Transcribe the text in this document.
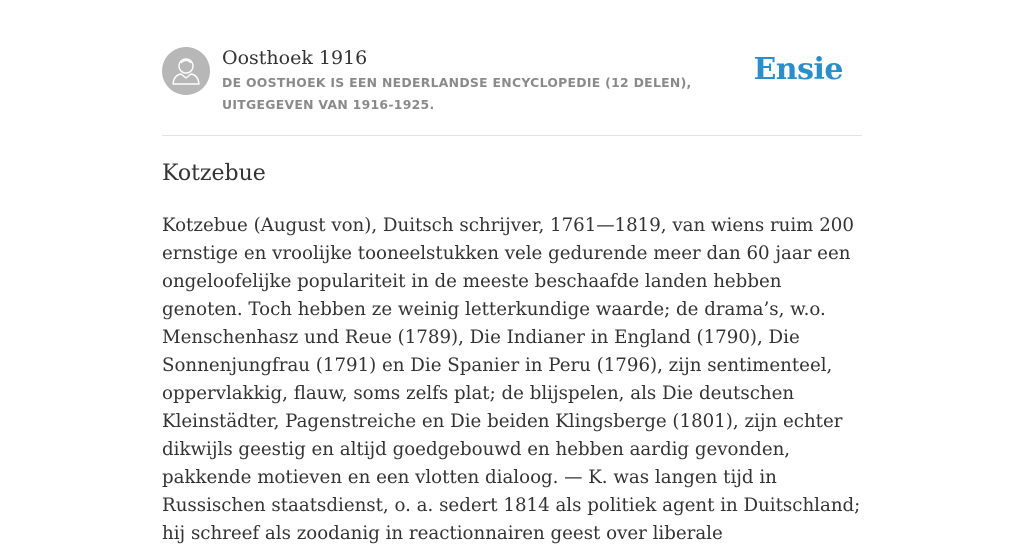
Oosthoek 1916
DE OOSTHOEK IS EEN NEDERLANDSE ENCYCLOPEDIE (12 DELEN), UITGEGEVEN VAN 1916-1925.
Ensie
Kotzebue

Kotzebue (August von), Duitsch schrijver, 1761—1819, van wiens ruim 200 ernstige en vroolijke tooneelstukken vele gedurende meer dan 60 jaar een ongeloofelijke populariteit in de meeste beschaafde landen hebben genoten. Toch hebben ze weinig letterkundige waarde; de drama’s, w.o. Menschenhasz und Reue (1789), Die Indianer in England (1790), Die Sonnenjungfrau (1791) en Die Spanier in Peru (1796), zijn sentimenteel, oppervlakkig, flauw, soms zelfs plat; de blijspelen, als Die deutschen Kleinstädter, Pagenstreiche en Die beiden Klingsberge (1801), zijn echter dikwijls geestig en altijd goedgebouwd en hebben aardig gevonden, pakkende motieven en een vlotten dialoog. — K. was langen tijd in Russischen staatsdienst, o. a. sedert 1814 als politiek agent in Duitschland; hij schreef als zoodanig in reactionnairen geest over liberale
